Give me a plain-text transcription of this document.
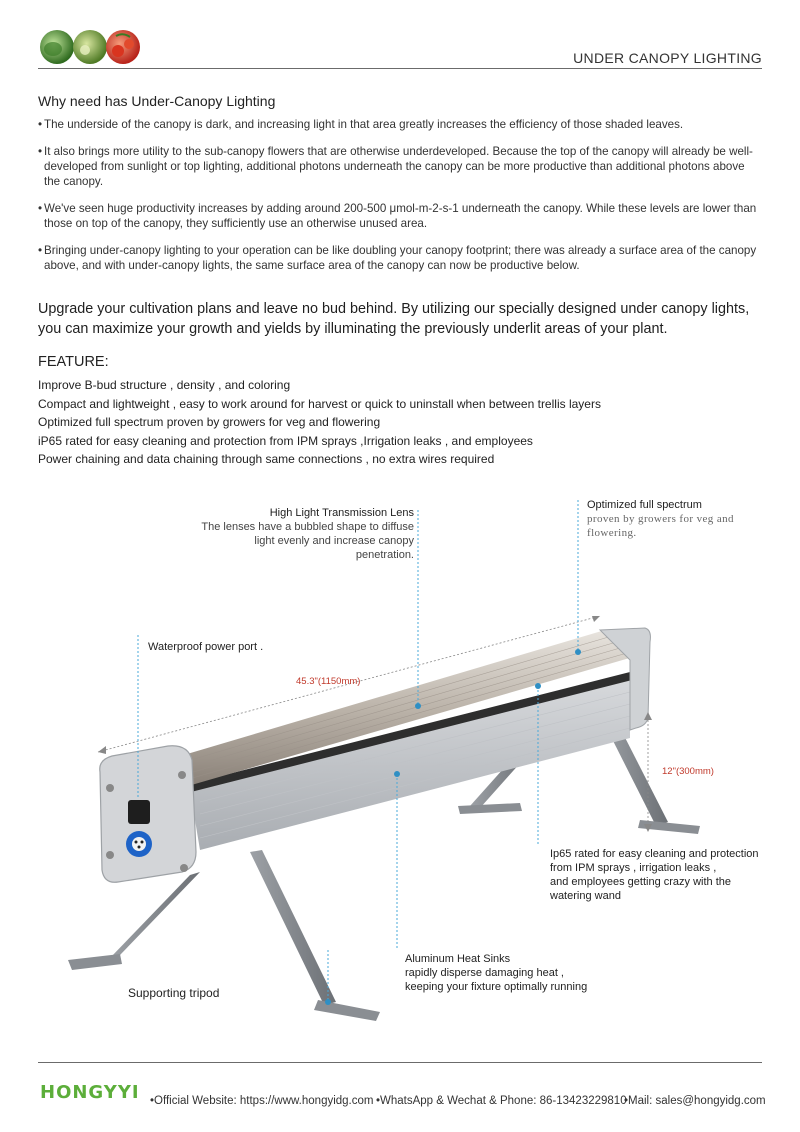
UNDER CANOPY LIGHTING
Why need has Under-Canopy Lighting
• The underside of the canopy is dark, and increasing light in that area greatly increases the efficiency of those shaded leaves.
• It also brings more utility to the sub-canopy flowers that are otherwise underdeveloped. Because the top of the canopy will already be well-developed from sunlight or top lighting, additional photons underneath the canopy can be more productive than additional photons above the canopy.
• We've seen huge productivity increases by adding around 200-500 μmol-m-2-s-1 underneath the canopy. While these levels are lower than those on top of the canopy, they sufficiently use an otherwise unused area.
• Bringing under-canopy lighting to your operation can be like doubling your canopy footprint; there was already a surface area of the canopy above, and with under-canopy lights, the same surface area of the canopy can now be productive below.
Upgrade your cultivation plans and leave no bud behind. By utilizing our specially designed under canopy lights, you can maximize your growth and yields by illuminating the previously underlit areas of your plant.
FEATURE:
Improve B-bud structure , density , and coloring
Compact and lightweight , easy to work around for harvest or quick to uninstall when between trellis layers
Optimized full spectrum proven by growers for veg and flowering
iP65 rated for easy cleaning and protection from IPM sprays ,Irrigation leaks , and employees
Power chaining and data chaining through same connections , no extra wires required
High Light Transmission Lens
The lenses have a bubbled shape to diffuse
light evenly and increase canopy penetration.
Optimized full spectrum
proven by growers for veg and
flowering.
Waterproof power port .
45.3"(1150mm)
12"(300mm)
Ip65 rated for easy cleaning and protection
from IPM sprays , irrigation leaks ,
and employees getting crazy with the
watering wand
Aluminum Heat Sinks
rapidly disperse damaging heat ,
keeping your fixture optimally running
Supporting tripod
HONGYYI •Official Website: https://www.hongyidg.com •WhatsApp & Wechat & Phone: 86-13423229810
•Mail: sales@hongyidg.com
